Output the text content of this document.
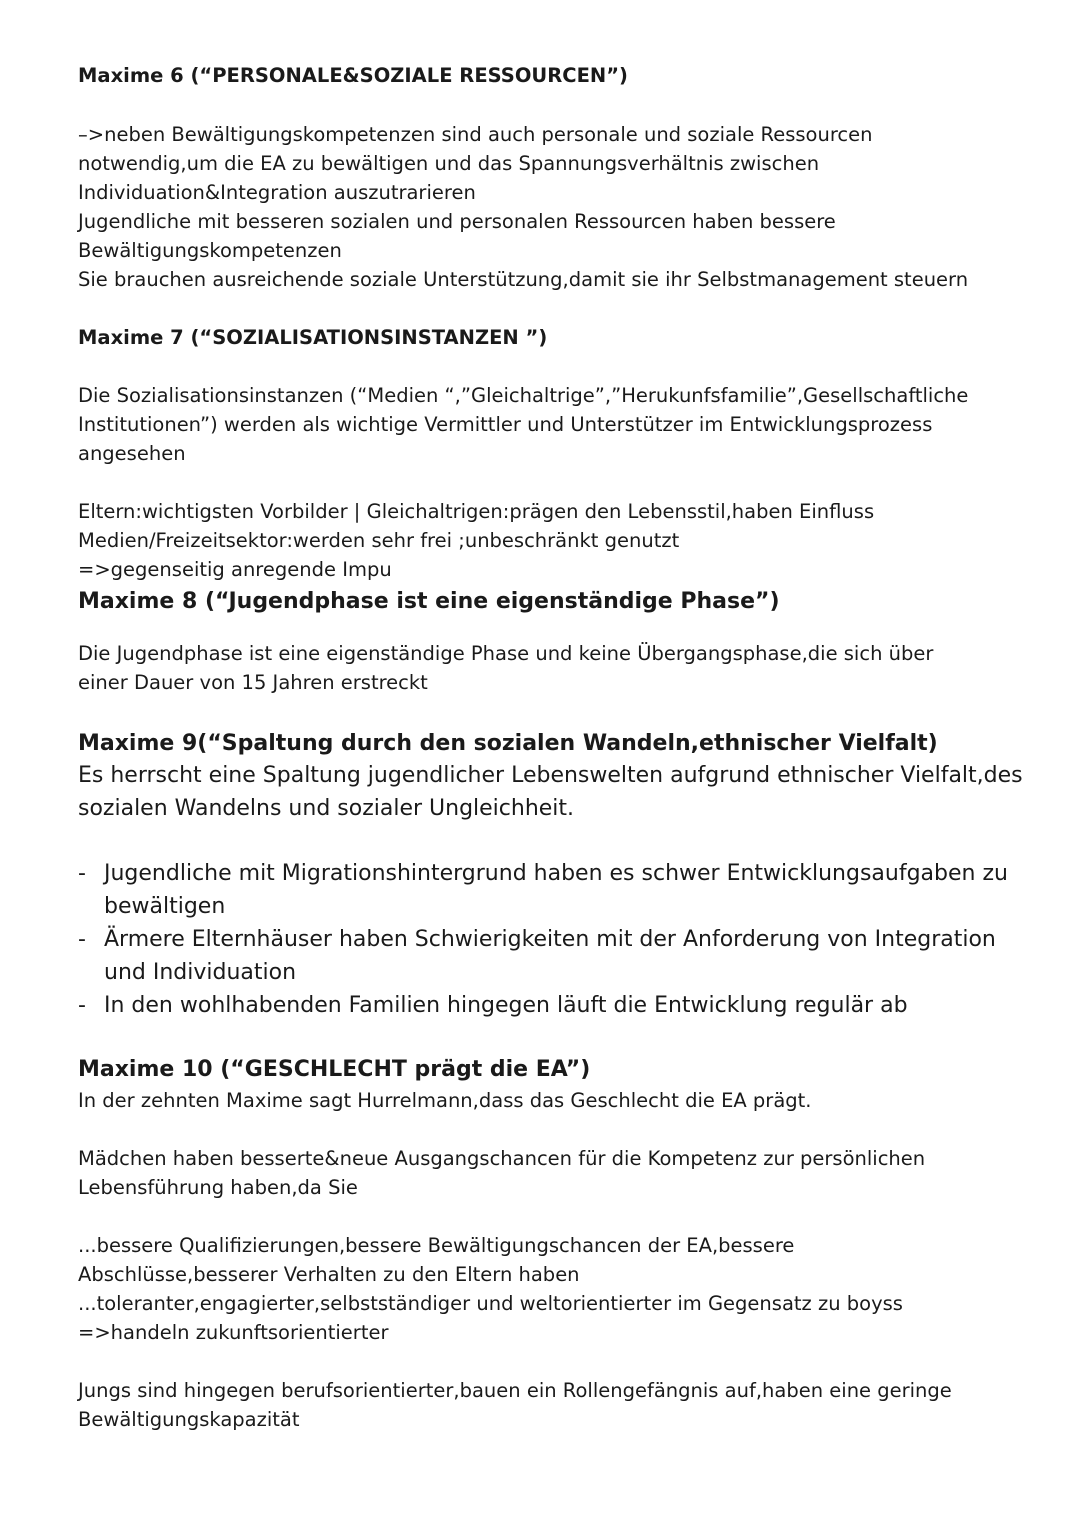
Maxime 6 (“PERSONALE&SOZIALE RESSOURCEN”)
–>neben Bewältigungskompetenzen sind auch personale und soziale Ressourcen
notwendig,um die EA zu bewältigen und das Spannungsverhältnis zwischen
Individuation&Integration auszutrarieren
Jugendliche mit besseren sozialen und personalen Ressourcen haben bessere
Bewältigungskompetenzen
Sie brauchen ausreichende soziale Unterstützung,damit sie ihr Selbstmanagement steuern
Maxime 7 (“SOZIALISATIONSINSTANZEN ”)
Die Sozialisationsinstanzen (“Medien “,”Gleichaltrige”,”Herukunfsfamilie”,Gesellschaftliche
Institutionen”) werden als wichtige Vermittler und Unterstützer im Entwicklungsprozess
angesehen
Eltern:wichtigsten Vorbilder | Gleichaltrigen:prägen den Lebensstil,haben Einfluss
Medien/Freizeitsektor:werden sehr frei ;unbeschränkt genutzt
=>gegenseitig anregende Impu
Maxime 8 (“Jugendphase ist eine eigenständige Phase”)
Die Jugendphase ist eine eigenständige Phase und keine Übergangsphase,die sich über
einer Dauer von 15 Jahren erstreckt
Maxime 9(“Spaltung durch den sozialen Wandeln,ethnischer Vielfalt)
Es herrscht eine Spaltung jugendlicher Lebenswelten aufgrund ethnischer Vielfalt,des
sozialen Wandelns und sozialer Ungleichheit.
- Jugendliche mit Migrationshintergrund haben es schwer Entwicklungsaufgaben zu
bewältigen
- Ärmere Elternhäuser haben Schwierigkeiten mit der Anforderung von Integration
und Individuation
- In den wohlhabenden Familien hingegen läuft die Entwicklung regulär ab
Maxime 10 (“GESCHLECHT prägt die EA”)
In der zehnten Maxime sagt Hurrelmann,dass das Geschlecht die EA prägt.
Mädchen haben besserte&neue Ausgangschancen für die Kompetenz zur persönlichen
Lebensführung haben,da Sie
...bessere Qualifizierungen,bessere Bewältigungschancen der EA,bessere
Abschlüsse,besserer Verhalten zu den Eltern haben
...toleranter,engagierter,selbstständiger und weltorientierter im Gegensatz zu boyss
=>handeln zukunftsorientierter
Jungs sind hingegen berufsorientierter,bauen ein Rollengefängnis auf,haben eine geringe
Bewältigungskapazität
